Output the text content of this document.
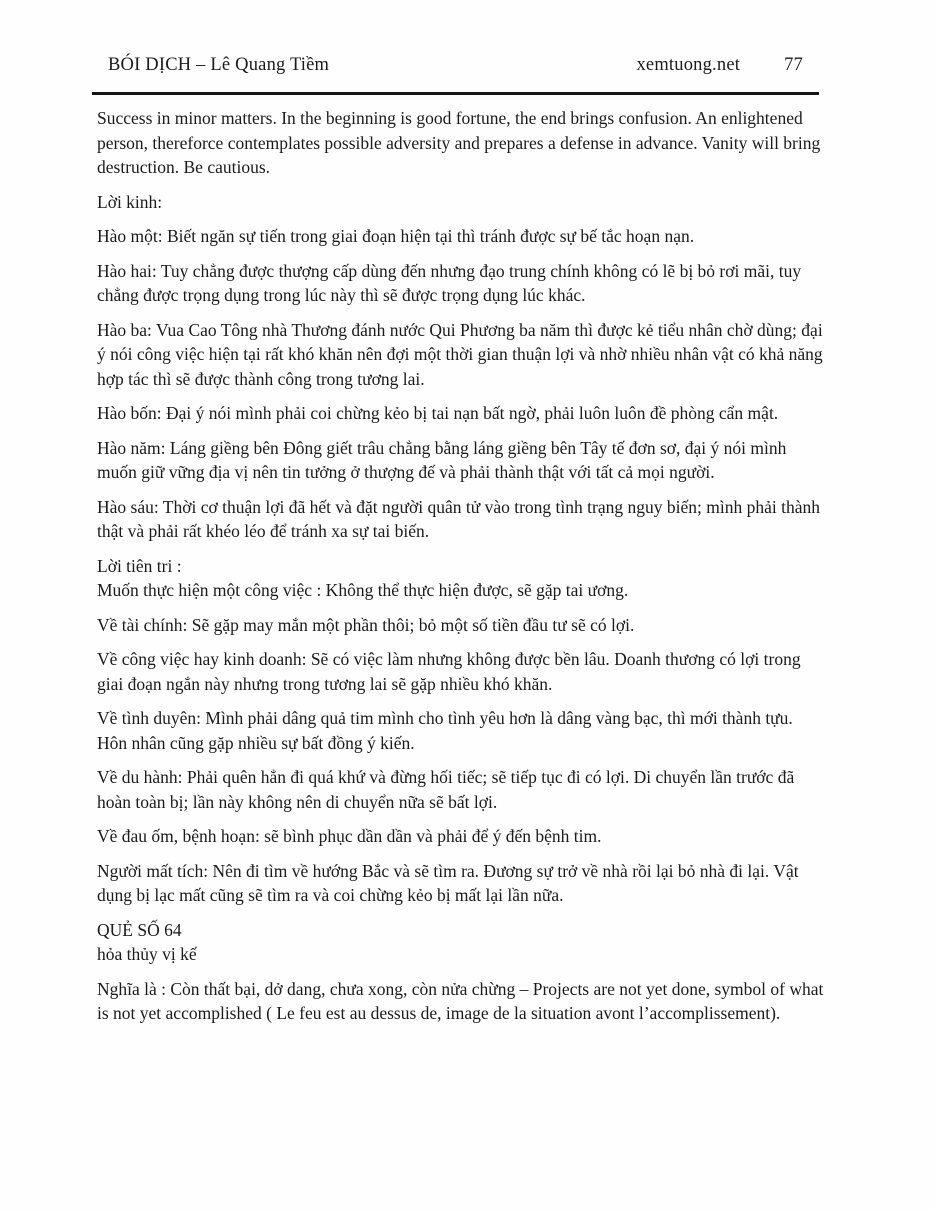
BÓI DỊCH – Lê Quang Tiềm	xemtuong.net 77

Success in minor matters. In the beginning is good fortune, the end brings confusion. An enlightened person, thereforce contemplates possible adversity and prepares a defense in advance. Vanity will bring destruction. Be cautious.

Lời kinh:

Hào một: Biết ngăn sự tiến trong giai đoạn hiện tại thì tránh được sự bế tắc hoạn nạn.

Hào hai: Tuy chẳng được thượng cấp dùng đến nhưng đạo trung chính không có lẽ bị bỏ rơi mãi, tuy chẳng được trọng dụng trong lúc này thì sẽ được trọng dụng lúc khác.

Hào ba: Vua Cao Tông nhà Thương đánh nước Qui Phương ba năm thì được kẻ tiểu nhân chờ dùng; đại ý nói công việc hiện tại rất khó khăn nên đợi một thời gian thuận lợi và nhờ nhiều nhân vật có khả năng hợp tác thì sẽ được thành công trong tương lai.

Hào bốn: Đại ý nói mình phải coi chừng kẻo bị tai nạn bất ngờ, phải luôn luôn đề phòng cẩn mật.

Hào năm: Láng giềng bên Đông giết trâu chẳng bằng láng giềng bên Tây tế đơn sơ, đại ý nói mình muốn giữ vững địa vị nên tin tưởng ở thượng đế và phải thành thật với tất cả mọi người.

Hào sáu: Thời cơ thuận lợi đã hết và đặt người quân tử vào trong tình trạng nguy biến; mình phải thành thật và phải rất khéo léo để tránh xa sự tai biến.

Lời tiên tri :

Muốn thực hiện một công việc : Không thể thực hiện được, sẽ gặp tai ương.

Về tài chính: Sẽ gặp may mắn một phần thôi; bỏ một số tiền đầu tư sẽ có lợi.

Về công việc hay kinh doanh: Sẽ có việc làm nhưng không được bền lâu. Doanh thương có lợi trong giai đoạn ngắn này nhưng trong tương lai sẽ gặp nhiều khó khăn.

Về tình duyên: Mình phải dâng quả tim mình cho tình yêu hơn là dâng vàng bạc, thì mới thành tựu. Hôn nhân cũng gặp nhiều sự bất đồng ý kiến.

Về du hành: Phải quên hẳn đi quá khứ và đừng hối tiếc; sẽ tiếp tục đi có lợi. Di chuyển lần trước đã hoàn toàn bị; lần này không nên di chuyển nữa sẽ bất lợi.

Về đau ốm, bệnh hoạn: sẽ bình phục dần dần và phải để ý đến bệnh tim.

Người mất tích: Nên đi tìm về hướng Bắc và sẽ tìm ra. Đương sự trở về nhà rồi lại bỏ nhà đi lại. Vật dụng bị lạc mất cũng sẽ tìm ra và coi chừng kẻo bị mất lại lần nữa.

QUẺ SỐ 64

hỏa thủy vị kế

Nghĩa là : Còn thất bại, dở dang, chưa xong, còn nửa chừng – Projects are not yet done, symbol of what is not yet accomplished ( Le feu est au dessus de, image de la situation avont l’accomplissement).
